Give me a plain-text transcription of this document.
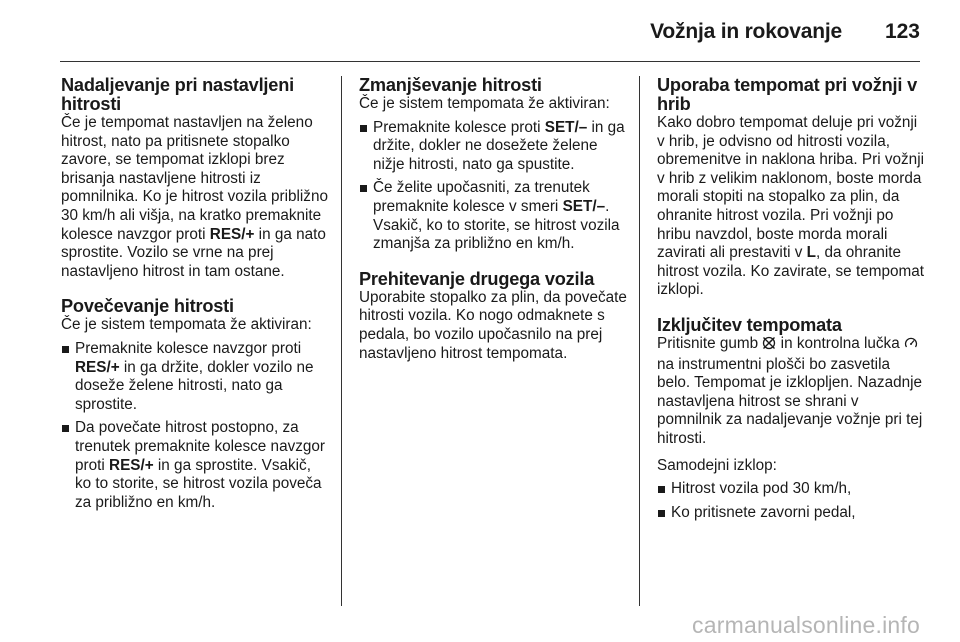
Vožnja in rokovanje 123
Nadaljevanje pri nastavljeni hitrosti

Če je tempomat nastavljen na želeno hitrost, nato pa pritisnete stopalko zavore, se tempomat izklopi brez brisanja nastavljene hitrosti iz pomnilnika. Ko je hitrost vozila približno 30 km/h ali višja, na kratko premaknite kolesce navzgor proti RES/+ in ga nato sprostite. Vozilo se vrne na prej nastavljeno hitrost in tam ostane.

Povečevanje hitrosti

Če je sistem tempomata že aktiviran:

Premaknite kolesce navzgor proti RES/+ in ga držite, dokler vozilo ne doseže želene hitrosti, nato ga sprostite.
Da povečate hitrost postopno, za trenutek premaknite kolesce navzgor proti RES/+ in ga sprostite. Vsakič, ko to storite, se hitrost vozila poveča za približno en km/h.
Zmanjševanje hitrosti

Če je sistem tempomata že aktiviran:

Premaknite kolesce proti SET/– in ga držite, dokler ne dosežete želene nižje hitrosti, nato ga spustite.
Če želite upočasniti, za trenutek premaknite kolesce v smeri SET/–. Vsakič, ko to storite, se hitrost vozila zmanjša za približno en km/h.
Prehitevanje drugega vozila

Uporabite stopalko za plin, da povečate hitrosti vozila. Ko nogo odmaknete s pedala, bo vozilo upočasnilo na prej nastavljeno hitrost tempomata.

Uporaba tempomat pri vožnji v hrib

Kako dobro tempomat deluje pri vožnji v hrib, je odvisno od hitrosti vozila, obremenitve in naklona hriba. Pri vožnji v hrib z velikim naklonom, boste morda morali stopiti na stopalko za plin, da ohranite hitrost vozila. Pri vožnji po hribu navzdol, boste morda morali zavirati ali prestaviti v L, da ohranite hitrost vozila. Ko zavirate, se tempomat izklopi.

Izključitev tempomata

Pritisnite gumb  in kontrolna lučka  na instrumentni plošči bo zasvetila belo. Tempomat je izklopljen. Nazadnje nastavljena hitrost se shrani v pomnilnik za nadaljevanje vožnje pri tej hitrosti.

Samodejni izklop:

Hitrost vozila pod 30 km/h,
Ko pritisnete zavorni pedal,
carmanualsonline.info
